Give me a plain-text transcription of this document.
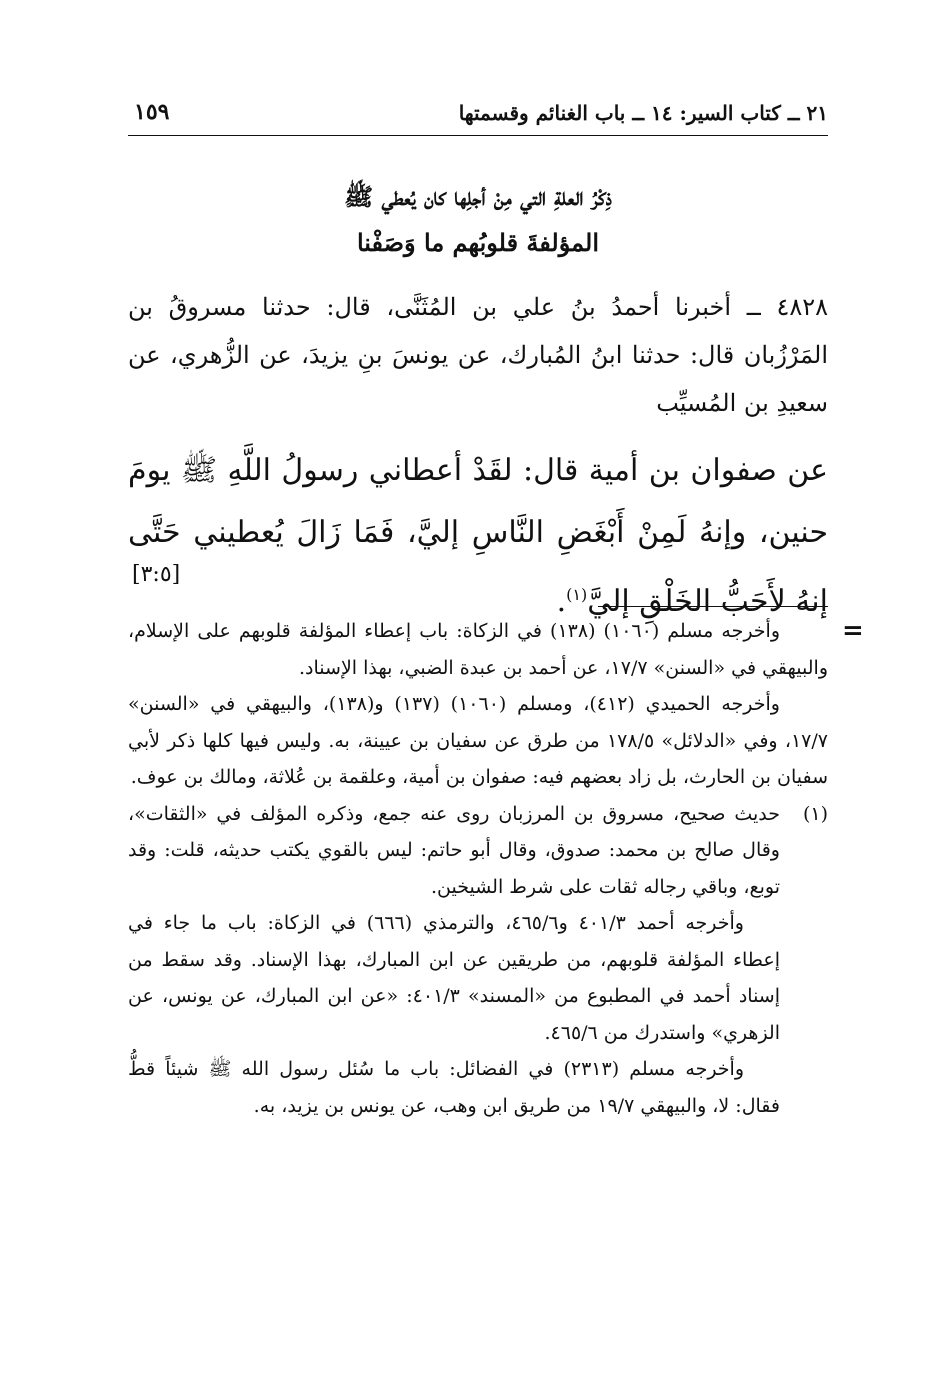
٢١ ــ كتاب السير: ١٤ ــ باب الغنائم وقسمتها
١٥٩
ذِكْرُ العلةِ التي مِنْ أجلِها كان يُعطي ﷺ
المؤلفةَ قلوبُهم ما وَصَفْنا

٤٨٢٨ ــ أخبرنا أحمدُ بنُ علي بن المُثَنَّى، قال: حدثنا مسروقُ بن المَرْزُبان قال: حدثنا ابنُ المُبارك، عن يونسَ بنِ يزيدَ، عن الزُّهري، عن سعيدِ بن المُسيِّب

عن صفوان بن أمية قال: لقَدْ أعطاني رسولُ اللَّهِ ﷺ يومَ حنين، وإنهُ لَمِنْ أَبْغَضِ النَّاسِ إليَّ، فَمَا زَالَ يُعطيني حَتَّى إنهُ لأَحَبُّ الخَلْقِ إليَّ$^{(١)}$.

[٣:٥]
=

وأخرجه مسلم (١٠٦٠) (١٣٨) في الزكاة: باب إعطاء المؤلفة قلوبهم على الإسلام، والبيهقي في «السنن» ١٧/٧، عن أحمد بن عبدة الضبي، بهذا الإسناد.

وأخرجه الحميدي (٤١٢)، ومسلم (١٠٦٠) (١٣٧) و(١٣٨)، والبيهقي في «السنن» ١٧/٧، وفي «الدلائل» ١٧٨/٥ من طرق عن سفيان بن عيينة، به. وليس فيها كلها ذكر لأبي سفيان بن الحارث، بل زاد بعضهم فيه: صفوان بن أمية، وعلقمة بن عُلاثة، ومالك بن عوف.

(١)
حديث صحيح، مسروق بن المرزبان روى عنه جمع، وذكره المؤلف في «الثقات»، وقال صالح بن محمد: صدوق، وقال أبو حاتم: ليس بالقوي يكتب حديثه، قلت: وقد توبع، وباقي رجاله ثقات على شرط الشيخين.

وأخرجه أحمد ٤٠١/٣ و٤٦٥/٦، والترمذي (٦٦٦) في الزكاة: باب ما جاء في إعطاء المؤلفة قلوبهم، من طريقين عن ابن المبارك، بهذا الإسناد. وقد سقط من إسناد أحمد في المطبوع من «المسند» ٤٠١/٣: «عن ابن المبارك، عن يونس، عن الزهري» واستدرك من ٤٦٥/٦.

وأخرجه مسلم (٢٣١٣) في الفضائل: باب ما سُئل رسول الله ﷺ شيئاً قطُّ فقال: لا، والبيهقي ١٩/٧ من طريق ابن وهب، عن يونس بن يزيد، به.
